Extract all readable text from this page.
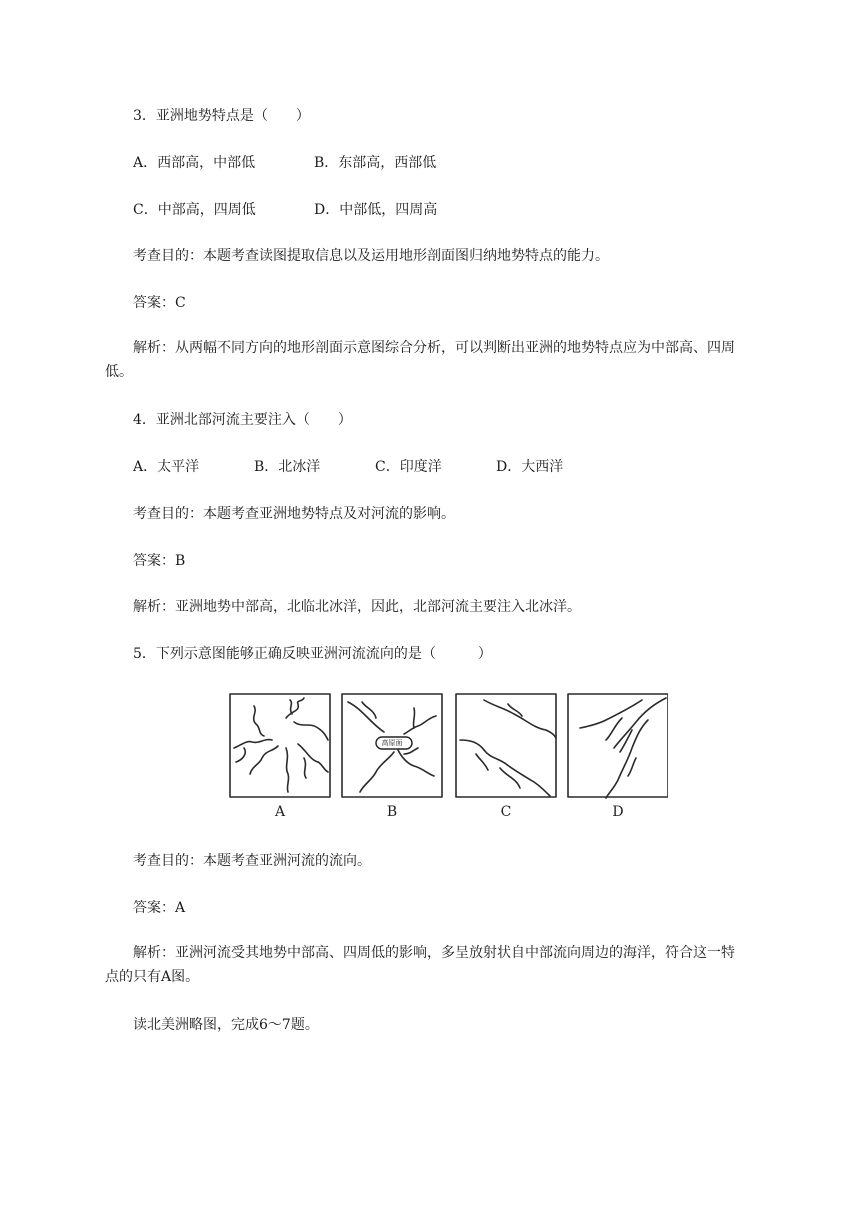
3．亚洲地势特点是（　　）
A．西部高，中部低	B．东部高，西部低
C．中部高，四周低	D．中部低，四周高
考查目的：本题考查读图提取信息以及运用地形剖面图归纳地势特点的能力。
答案：C
解析：从两幅不同方向的地形剖面示意图综合分析，可以判断出亚洲的地势特点应为中部高、四周低。
4．亚洲北部河流主要注入（　　）
A．太平洋	B．北冰洋	C．印度洋	D．大西洋
考查目的：本题考查亚洲地势特点及对河流的影响。
答案：B
解析：亚洲地势中部高，北临北冰洋，因此，北部河流主要注入北冰洋。
5．下列示意图能够正确反映亚洲河流流向的是（　　　）
高原面
A	B	C	D
考查目的：本题考查亚洲河流的流向。
答案：A
解析：亚洲河流受其地势中部高、四周低的影响，多呈放射状自中部流向周边的海洋，符合这一特点的只有A图。
读北美洲略图，完成6～7题。
